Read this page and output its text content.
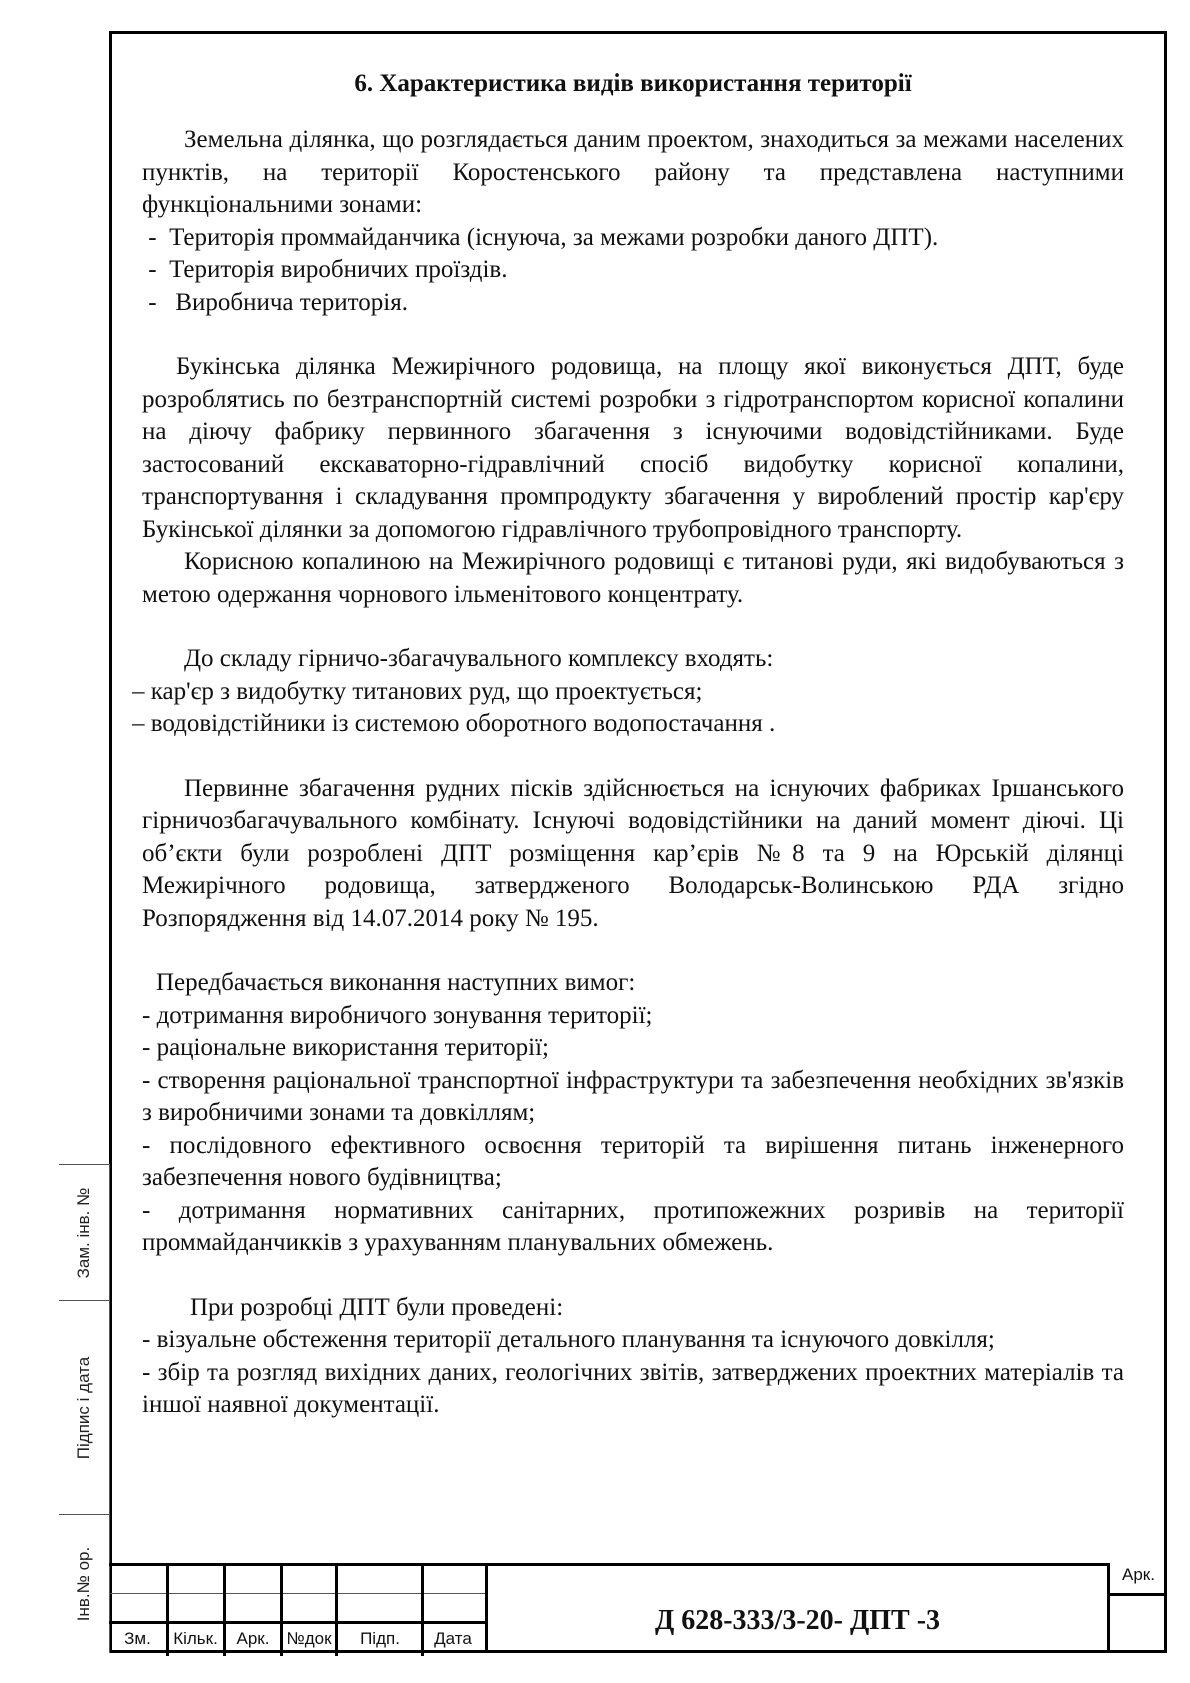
6. Характеристика видів використання території

Земельна ділянка, що розглядається даним проектом, знаходиться за межами населених пунктів, на території Коростенського району та представлена наступними функціональними зонами:

-  Територія проммайданчика (існуюча, за межами розробки даного ДПТ).

-  Територія виробничих проїздів.

-   Виробнича територія.

Букінська ділянка Межирічного родовища, на площу якої виконується ДПТ, буде розроблятись по безтранспортній системі розробки з гідротранспортом корисної копалини на діючу фабрику первинного збагачення з існуючими водовідстійниками. Буде застосований екскаваторно-гідравлічний спосіб видобутку корисної копалини, транспортування і складування промпродукту збагачення у вироблений простір кар'єру Букінської ділянки за допомогою гідравлічного трубопровідного транспорту.

Корисною копалиною на Межирічного родовищі є титанові руди, які видобуваються з метою одержання чорнового ільменітового концентрату.

До складу гірничо-збагачувального комплексу входять:

– кар'єр з видобутку титанових руд, що проектується;

– водовідстійники із системою оборотного водопостачання .

Первинне збагачення рудних пісків здійснюється на існуючих фабриках Іршанського гірничозбагачувального комбінату. Існуючі водовідстійники на даний момент діючі. Ці об’єкти були розроблені ДПТ розміщення кар’єрів №8 та 9 на Юрській ділянці Межирічного родовища, затвердженого Володарськ-Волинською РДА згідно Розпорядження від 14.07.2014 року № 195.

Передбачається виконання наступних вимог:

- дотримання виробничого зонування території;

- раціональне використання території;

- створення раціональної транспортної інфраструктури та забезпечення необхідних зв'язків з виробничими зонами та довкіллям;

- послідовного ефективного освоєння територій та вирішення питань інженерного забезпечення нового будівництва;

- дотримання нормативних санітарних, протипожежних розривів на території проммайданчикків з урахуванням планувальних обмежень.

При розробці ДПТ були проведені:

- візуальне обстеження території детального планування та існуючого довкілля;

- збір та розгляд вихідних даних, геологічних звітів, затверджених проектних матеріалів та іншої наявної документації.

Зам. інв. №
Підпис і дата
Інв.№ ор.
Зм.	Кільк.	Арк. №док	Підп.	Дата
Д 628-333/3-20- ДПТ -3
Арк.
